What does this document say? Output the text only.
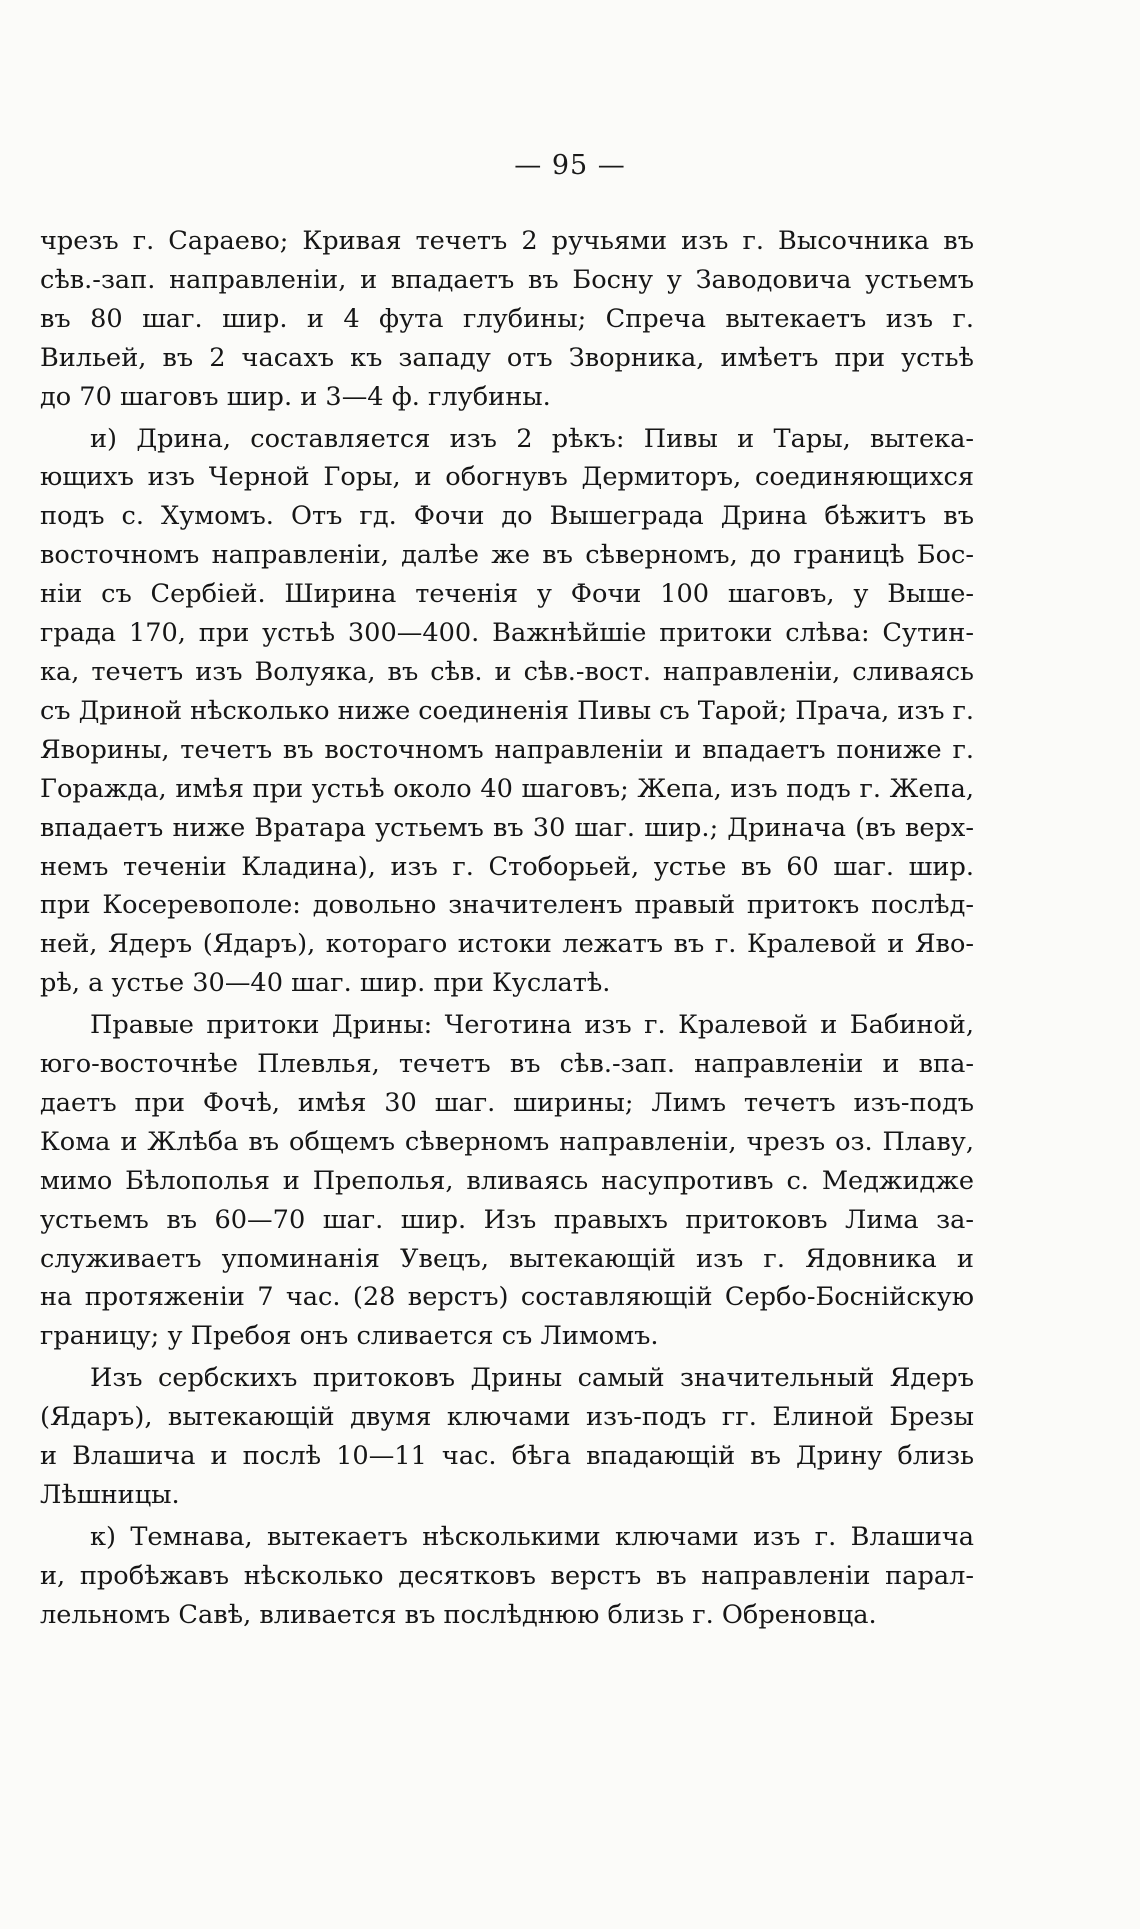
— 95 —
чрезъ г. Сараево; Кривая течетъ 2 ручьями изъ г. Высочника въ
сѣв.-зап. направленіи, и впадаетъ въ Босну у Заводовича устьемъ
въ 80 шаг. шир. и 4 фута глубины; Спреча вытекаетъ изъ г.
Вильей, въ 2 часахъ къ западу отъ Зворника, имѣетъ при устьѣ
до 70 шаговъ шир. и 3—4 ф. глубины.
и) Дрина, составляется изъ 2 рѣкъ: Пивы и Тары, вытека-
ющихъ изъ Черной Горы, и обогнувъ Дермиторъ, соединяющихся
подъ с. Хумомъ. Отъ гд. Фочи до Вышеграда Дрина бѣжитъ въ
восточномъ направленіи, далѣе же въ сѣверномъ, до границѣ Бос-
ніи съ Сербіей. Ширина теченія у Фочи 100 шаговъ, у Выше-
града 170, при устьѣ 300—400. Важнѣйшіе притоки слѣва: Сутин-
ка, течетъ изъ Волуяка, въ сѣв. и сѣв.-вост. направленіи, сливаясь
съ Дриной нѣсколько ниже соединенія Пивы съ Тарой; Прача, изъ г.
Яворины, течетъ въ восточномъ направленіи и впадаетъ пониже г.
Горажда, имѣя при устьѣ около 40 шаговъ; Жепа, изъ подъ г. Жепа,
впадаетъ ниже Вратара устьемъ въ 30 шаг. шир.; Дринача (въ верх-
немъ теченіи Кладина), изъ г. Стоборьей, устье въ 60 шаг. шир.
при Косеревополе: довольно значителенъ правый притокъ послѣд-
ней, Ядеръ (Ядаръ), котораго истоки лежатъ въ г. Кралевой и Яво-
рѣ, а устье 30—40 шаг. шир. при Куслатѣ.
Правые притоки Дрины: Чеготина изъ г. Кралевой и Бабиной,
юго-восточнѣе Плевлья, течетъ въ сѣв.-зап. направленіи и впа-
даетъ при Фочѣ, имѣя 30 шаг. ширины; Лимъ течетъ изъ-подъ
Кома и Жлѣба въ общемъ сѣверномъ направленіи, чрезъ оз. Плаву,
мимо Бѣлополья и Преполья, вливаясь насупротивъ с. Меджидже
устьемъ въ 60—70 шаг. шир. Изъ правыхъ притоковъ Лима за-
служиваетъ упоминанія Увецъ, вытекающій изъ г. Ядовника и
на протяженіи 7 час. (28 верстъ) составляющій Сербо-Боснійскую
границу; у Пребоя онъ сливается съ Лимомъ.
Изъ сербскихъ притоковъ Дрины самый значительный Ядеръ
(Ядаръ), вытекающій двумя ключами изъ-подъ гг. Елиной Брезы
и Влашича и послѣ 10—11 час. бѣга впадающій въ Дрину близь
Лѣшницы.
к) Темнава, вытекаетъ нѣсколькими ключами изъ г. Влашича
и, пробѣжавъ нѣсколько десятковъ верстъ въ направленіи парал-
лельномъ Савѣ, вливается въ послѣднюю близь г. Обреновца.
